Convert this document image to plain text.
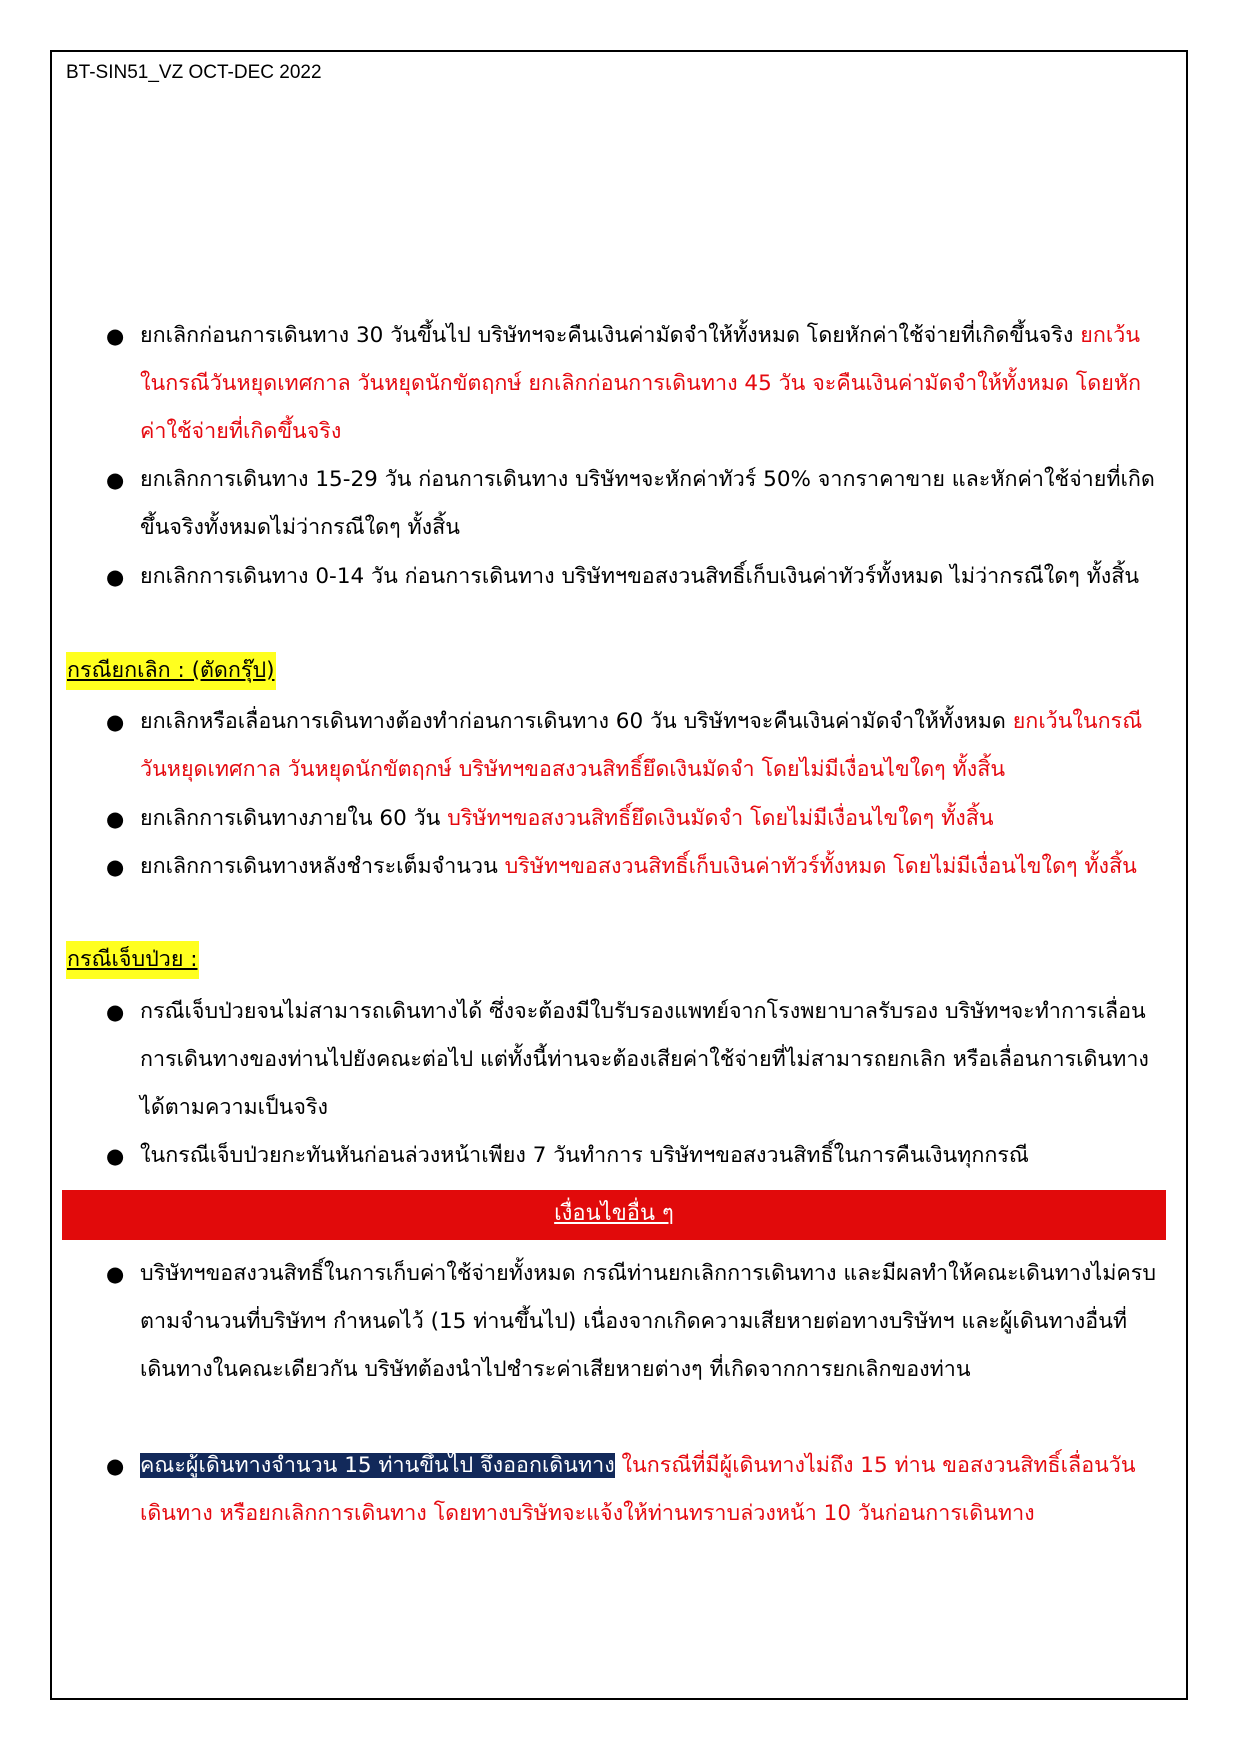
BT-SIN51_VZ OCT-DEC 2022
● ยกเลิกก่อนการเดินทาง 30 วันขึ้นไป บริษัทฯจะคืนเงินค่ามัดจำให้ทั้งหมด โดยหักค่าใช้จ่ายที่เกิดขึ้นจริง ยกเว้นในกรณีวันหยุดเทศกาล วันหยุดนักขัตฤกษ์ ยกเลิกก่อนการเดินทาง 45 วัน จะคืนเงินค่ามัดจำให้ทั้งหมด โดยหักค่าใช้จ่ายที่เกิดขึ้นจริง
● ยกเลิกการเดินทาง 15-29 วัน ก่อนการเดินทาง บริษัทฯจะหักค่าทัวร์ 50% จากราคาขาย และหักค่าใช้จ่ายที่เกิดขึ้นจริงทั้งหมดไม่ว่ากรณีใดๆ ทั้งสิ้น
● ยกเลิกการเดินทาง 0-14 วัน ก่อนการเดินทาง บริษัทฯขอสงวนสิทธิ์เก็บเงินค่าทัวร์ทั้งหมด ไม่ว่ากรณีใดๆ ทั้งสิ้น
กรณียกเลิก : (ตัดกรุ๊ป)
● ยกเลิกหรือเลื่อนการเดินทางต้องทำก่อนการเดินทาง 60 วัน บริษัทฯจะคืนเงินค่ามัดจำให้ทั้งหมด ยกเว้นในกรณีวันหยุดเทศกาล วันหยุดนักขัตฤกษ์ บริษัทฯขอสงวนสิทธิ์ยึดเงินมัดจำ โดยไม่มีเงื่อนไขใดๆ ทั้งสิ้น
● ยกเลิกการเดินทางภายใน 60 วัน บริษัทฯขอสงวนสิทธิ์ยึดเงินมัดจำ โดยไม่มีเงื่อนไขใดๆ ทั้งสิ้น
● ยกเลิกการเดินทางหลังชำระเต็มจำนวน บริษัทฯขอสงวนสิทธิ์เก็บเงินค่าทัวร์ทั้งหมด โดยไม่มีเงื่อนไขใดๆ ทั้งสิ้น
กรณีเจ็บป่วย :
● กรณีเจ็บป่วยจนไม่สามารถเดินทางได้ ซึ่งจะต้องมีใบรับรองแพทย์จากโรงพยาบาลรับรอง บริษัทฯจะทำการเลื่อนการเดินทางของท่านไปยังคณะต่อไป แต่ทั้งนี้ท่านจะต้องเสียค่าใช้จ่ายที่ไม่สามารถยกเลิก หรือเลื่อนการเดินทางได้ตามความเป็นจริง
● ในกรณีเจ็บป่วยกะทันหันก่อนล่วงหน้าเพียง 7 วันทำการ บริษัทฯขอสงวนสิทธิ์ในการคืนเงินทุกกรณี
เงื่อนไขอื่น ๆ
● บริษัทฯขอสงวนสิทธิ์ในการเก็บค่าใช้จ่ายทั้งหมด กรณีท่านยกเลิกการเดินทาง และมีผลทำให้คณะเดินทางไม่ครบตามจำนวนที่บริษัทฯ กำหนดไว้ (15 ท่านขึ้นไป) เนื่องจากเกิดความเสียหายต่อทางบริษัทฯ และผู้เดินทางอื่นที่เดินทางในคณะเดียวกัน บริษัทต้องนำไปชำระค่าเสียหายต่างๆ ที่เกิดจากการยกเลิกของท่าน
● คณะผู้เดินทางจำนวน 15 ท่านขึ้นไป จึงออกเดินทาง ในกรณีที่มีผู้เดินทางไม่ถึง 15 ท่าน ขอสงวนสิทธิ์เลื่อนวันเดินทาง หรือยกเลิกการเดินทาง โดยทางบริษัทจะแจ้งให้ท่านทราบล่วงหน้า 10 วันก่อนการเดินทาง
